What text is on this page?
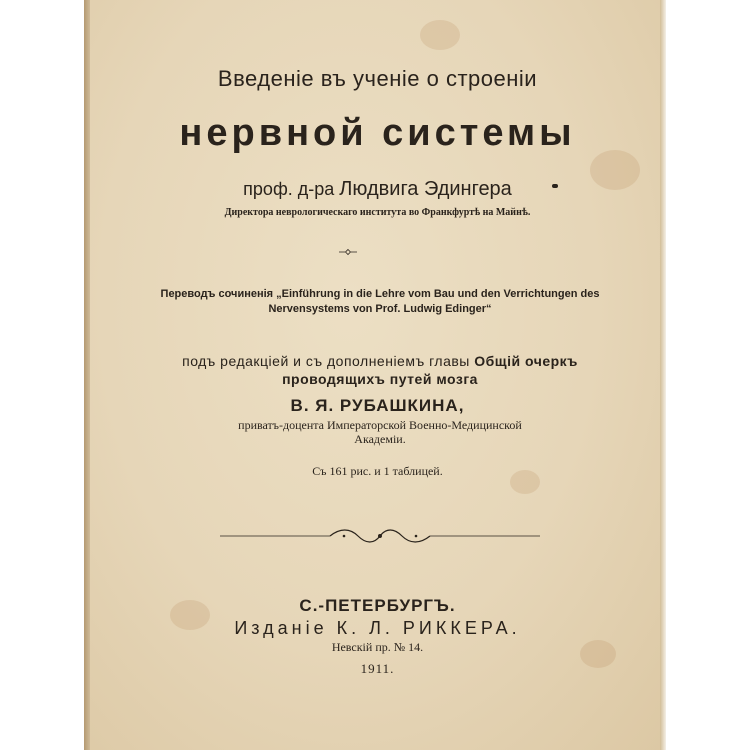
Введеніе въ ученіе о строеніи
нервной системы
проф. д-ра Людвига Эдингера
Директора неврологическаго института во Франкфуртѣ на Майнѣ.
Переводъ сочиненія „Einführung in die Lehre vom Bau und den Verrichtungen des
Nervensystems von Prof. Ludwig Edinger“
подъ редакціей и съ дополненіемъ главы Общій очеркъ
проводящихъ путей мозга
В. Я. РУБАШКИНА,
приватъ-доцента Императорской Военно-Медицинской
Академіи.
Съ 161 рис. и 1 таблицей.
С.-ПЕТЕРБУРГЪ.
Изданіе К. Л. РИККЕРА.
Невскій пр. № 14.
1911.
